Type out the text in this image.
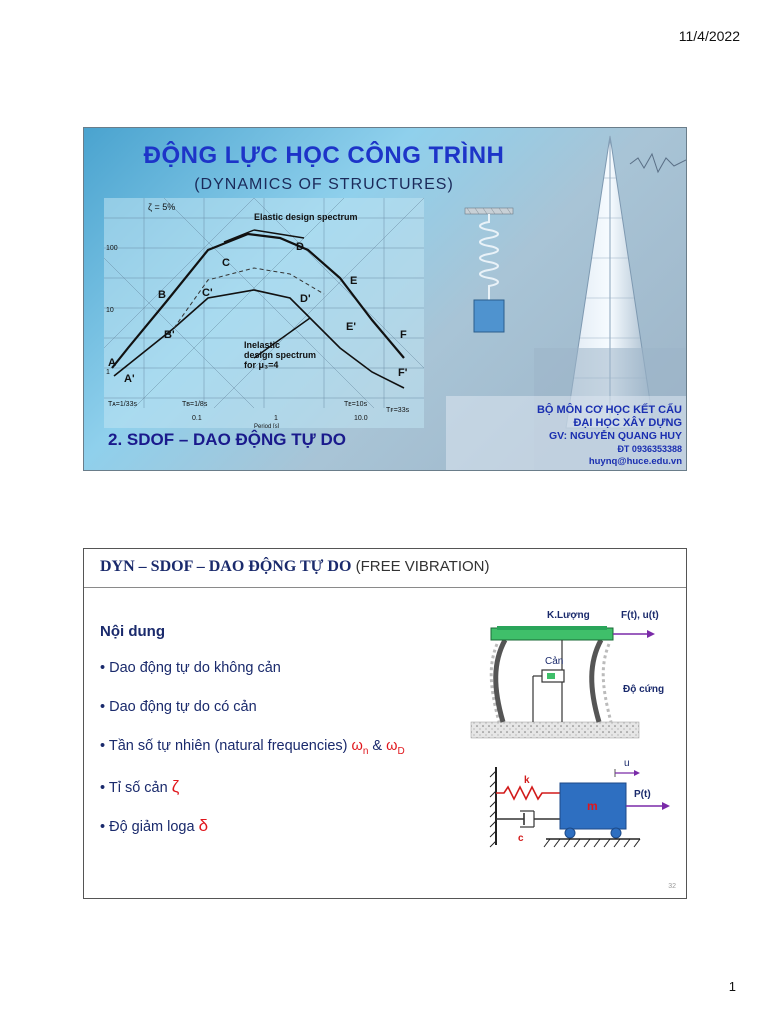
11/4/2022
ĐỘNG LỰC HỌC CÔNG TRÌNH
(DYNAMICS OF STRUCTURES)
ζ = 5%
Elastic design spectrum
Inelastic
design spectrum
for μ₃=4
100
10
1
0.1	1	10.0
Period [s]
Tᴀ=1/33s	Tʙ=1/8s	Tᴇ=10s
Tꜰ=33s
A
A'
B
B'
C
C'
D
D'
E
E'
F
F'
BỘ MÔN CƠ HỌC KẾT CẤU
ĐẠI HỌC XÂY DỰNG
GV: NGUYỄN QUANG HUY
ĐT 0936353388
huynq@huce.edu.vn
2. SDOF – DAO ĐỘNG TỰ DO
DYN – SDOF – DAO ĐỘNG TỰ DO (FREE VIBRATION)
Nội dung
• Dao động tự do không cản
• Dao động tự do có cản
• Tần số tự nhiên (natural frequencies) $\omega_n$ & $\omega_D$
• Tỉ số cản ζ
• Độ giảm loga δ
K.Lượng	F(t), u(t)
Cản
Độ cứng
k
c
m
u
P(t)
32
1
